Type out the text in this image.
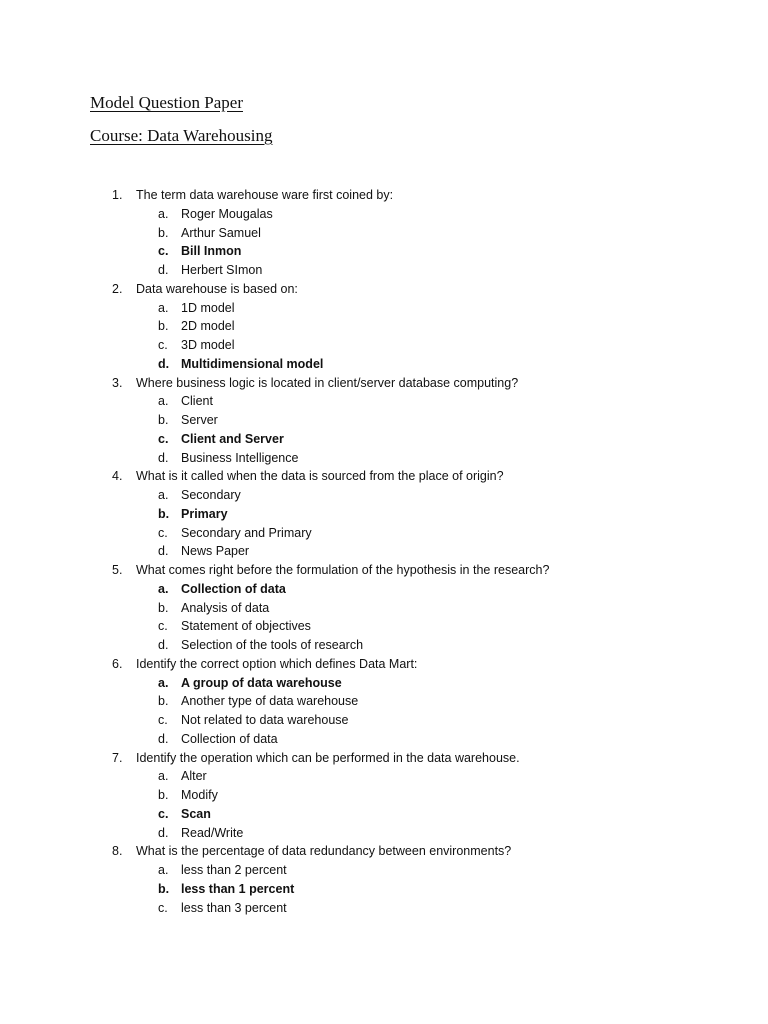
Model Question Paper
Course: Data Warehousing
1.	The term data warehouse ware first coined by:
a.	Roger Mougalas
b.	Arthur Samuel
c.	Bill Inmon
d.	Herbert SImon
2.	Data warehouse is based on:
a.	1D model
b.	2D model
c.	3D model
d. Multidimensional model
3.	Where business logic is located in client/server database computing?
a.	Client
b.	Server
c.	Client and Server
d.	Business Intelligence
4.	What is it called when the data is sourced from the place of origin?
a.	Secondary
b. Primary
c.	Secondary and Primary
d.	News Paper
5.	What comes right before the formulation of the hypothesis in the research?
a.	Collection of data
b.	Analysis of data
c.	Statement of objectives
d.	Selection of the tools of research
6.	Identify the correct option which defines Data Mart:
a.	A group of data warehouse
b.	Another type of data warehouse
c.	Not related to data warehouse
d.	Collection of data
7.	Identify the operation which can be performed in the data warehouse.
a.	Alter
b.	Modify
c.	Scan
d.	Read/Write
8.	What is the percentage of data redundancy between environments?
a.	less than 2 percent
b. less than 1 percent
c.	less than 3 percent
